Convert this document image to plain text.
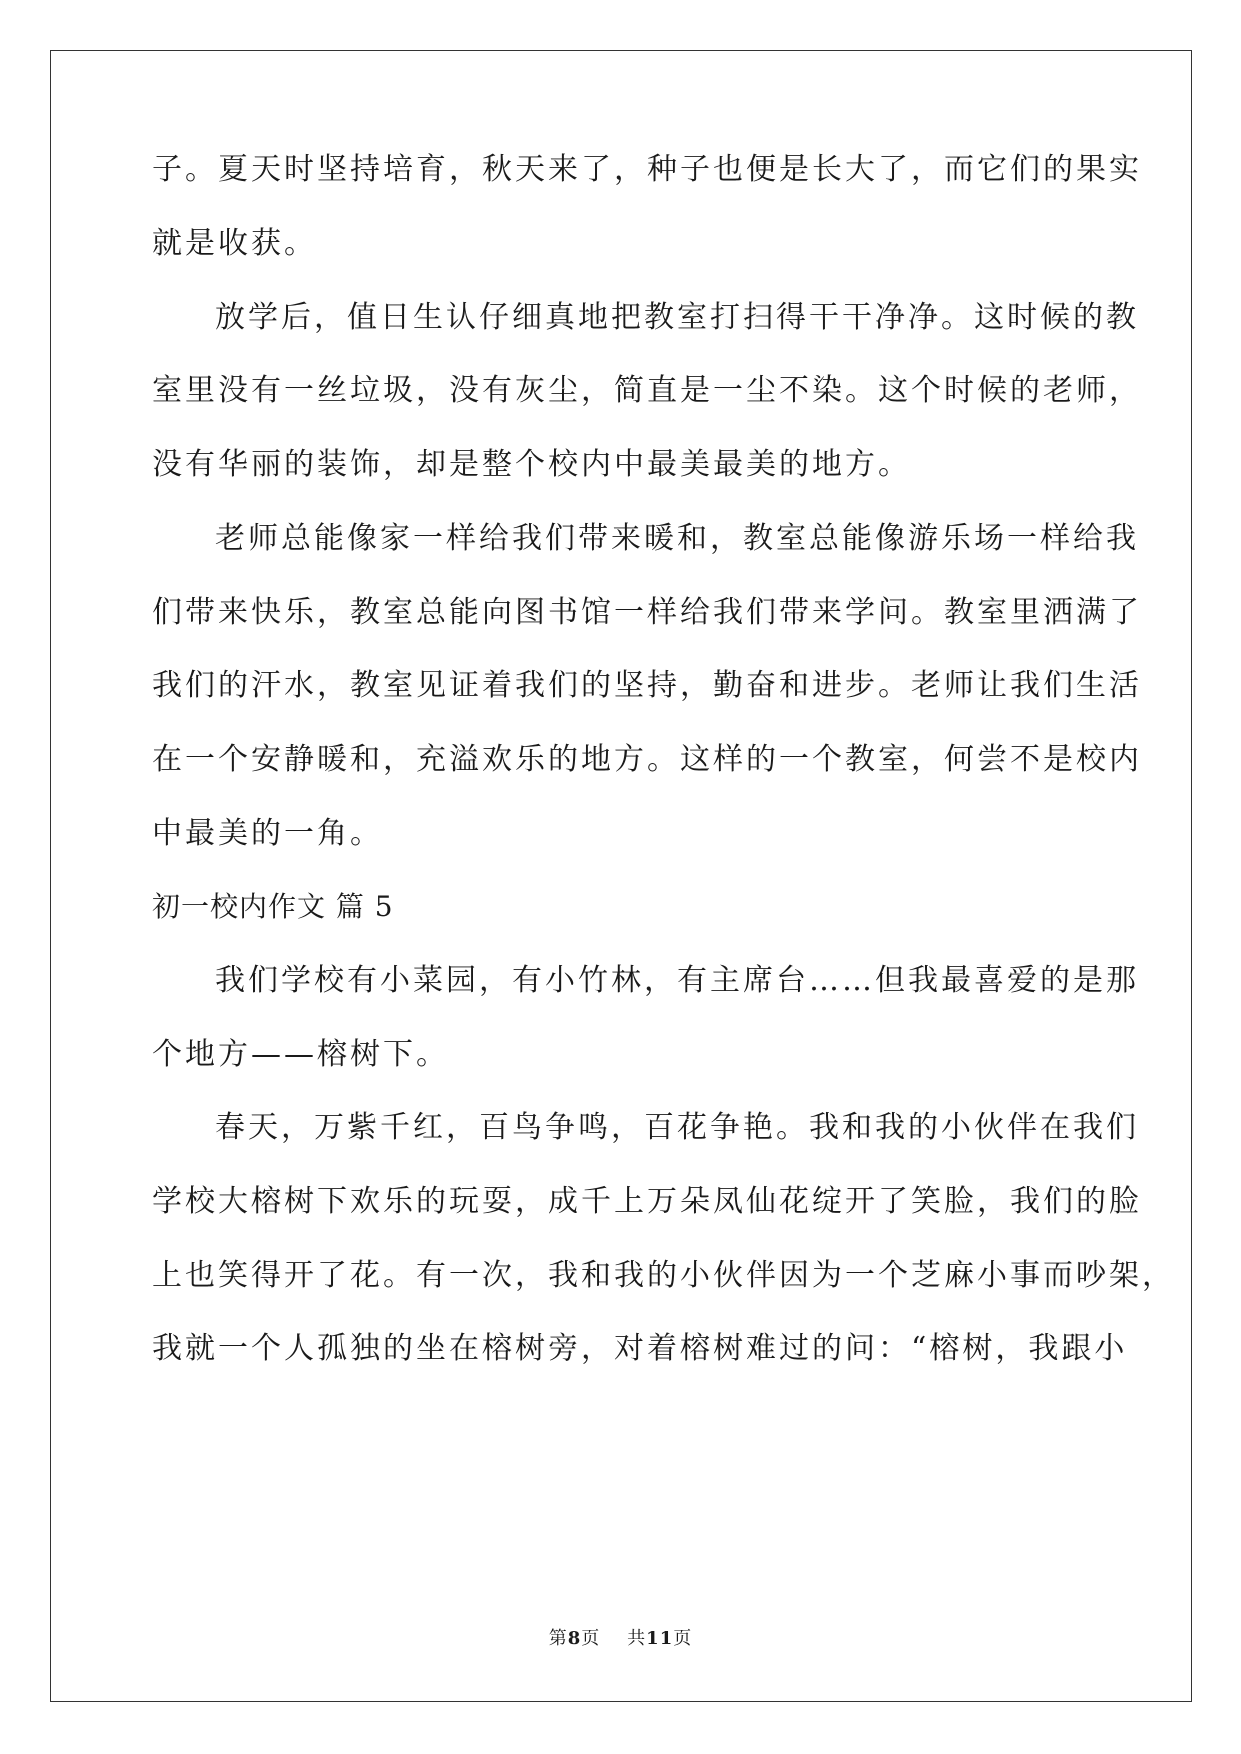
子。夏天时坚持培育，秋天来了，种子也便是长大了，而它们的果实
就是收获。
放学后，值日生认仔细真地把教室打扫得干干净净。这时候的教
室里没有一丝垃圾，没有灰尘，简直是一尘不染。这个时候的老师，
没有华丽的装饰，却是整个校内中最美最美的地方。
老师总能像家一样给我们带来暖和，教室总能像游乐场一样给我
们带来快乐，教室总能向图书馆一样给我们带来学问。教室里洒满了
我们的汗水，教室见证着我们的坚持，勤奋和进步。老师让我们生活
在一个安静暖和，充溢欢乐的地方。这样的一个教室，何尝不是校内
中最美的一角。
初一校内作文 篇 5
我们学校有小菜园，有小竹林，有主席台……但我最喜爱的是那
个地方——榕树下。
春天，万紫千红，百鸟争鸣，百花争艳。我和我的小伙伴在我们
学校大榕树下欢乐的玩耍，成千上万朵凤仙花绽开了笑脸，我们的脸
上也笑得开了花。有一次，我和我的小伙伴因为一个芝麻小事而吵架，
我就一个人孤独的坐在榕树旁，对着榕树难过的问：“榕树，我跟小
第8页    共11页
